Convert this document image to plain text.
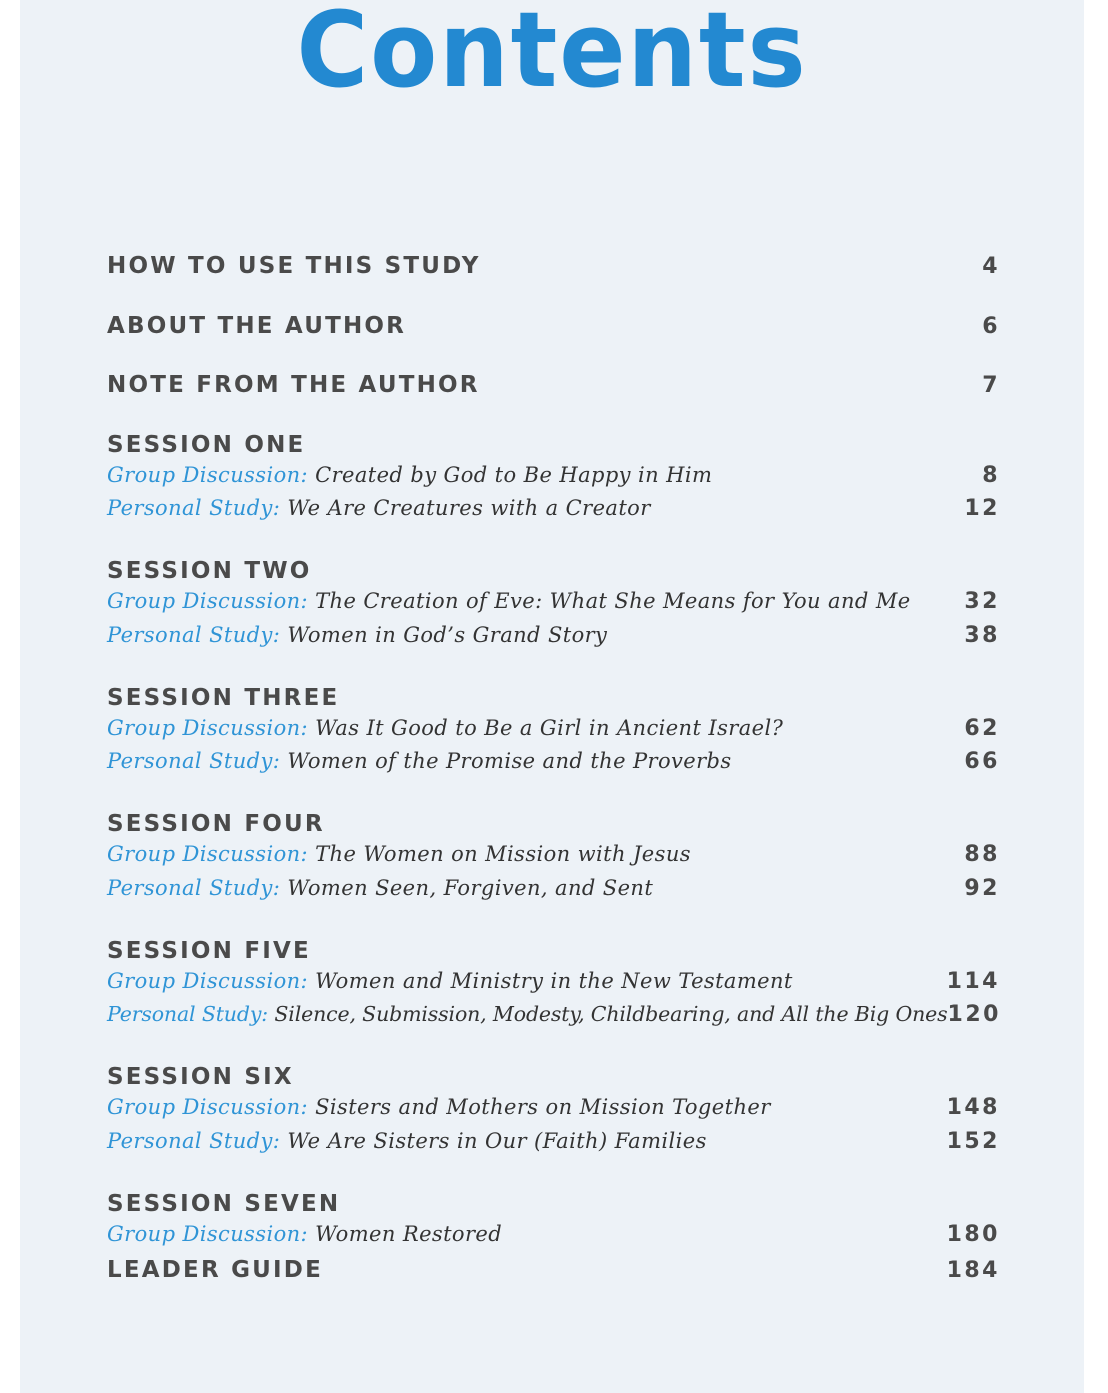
Contents
HOW TO USE THIS STUDY	4
ABOUT THE AUTHOR	6
NOTE FROM THE AUTHOR	7
SESSION ONE
Group Discussion: Created by God to Be Happy in Him	8
Personal Study: We Are Creatures with a Creator	12
SESSION TWO
Group Discussion: The Creation of Eve: What She Means for You and Me 32
Personal Study: Women in God’s Grand Story	38
SESSION THREE
Group Discussion: Was It Good to Be a Girl in Ancient Israel?	62
Personal Study: Women of the Promise and the Proverbs	66
SESSION FOUR
Group Discussion: The Women on Mission with Jesus	88
Personal Study: Women Seen, Forgiven, and Sent	92
SESSION FIVE
Group Discussion: Women and Ministry in the New Testament	114
Personal Study: Silence, Submission, Modesty, Childbearing, and All the Big Ones 120
SESSION SIX
Group Discussion: Sisters and Mothers on Mission Together	148
Personal Study: We Are Sisters in Our (Faith) Families	152
SESSION SEVEN
Group Discussion: Women Restored	180
LEADER GUIDE	184
